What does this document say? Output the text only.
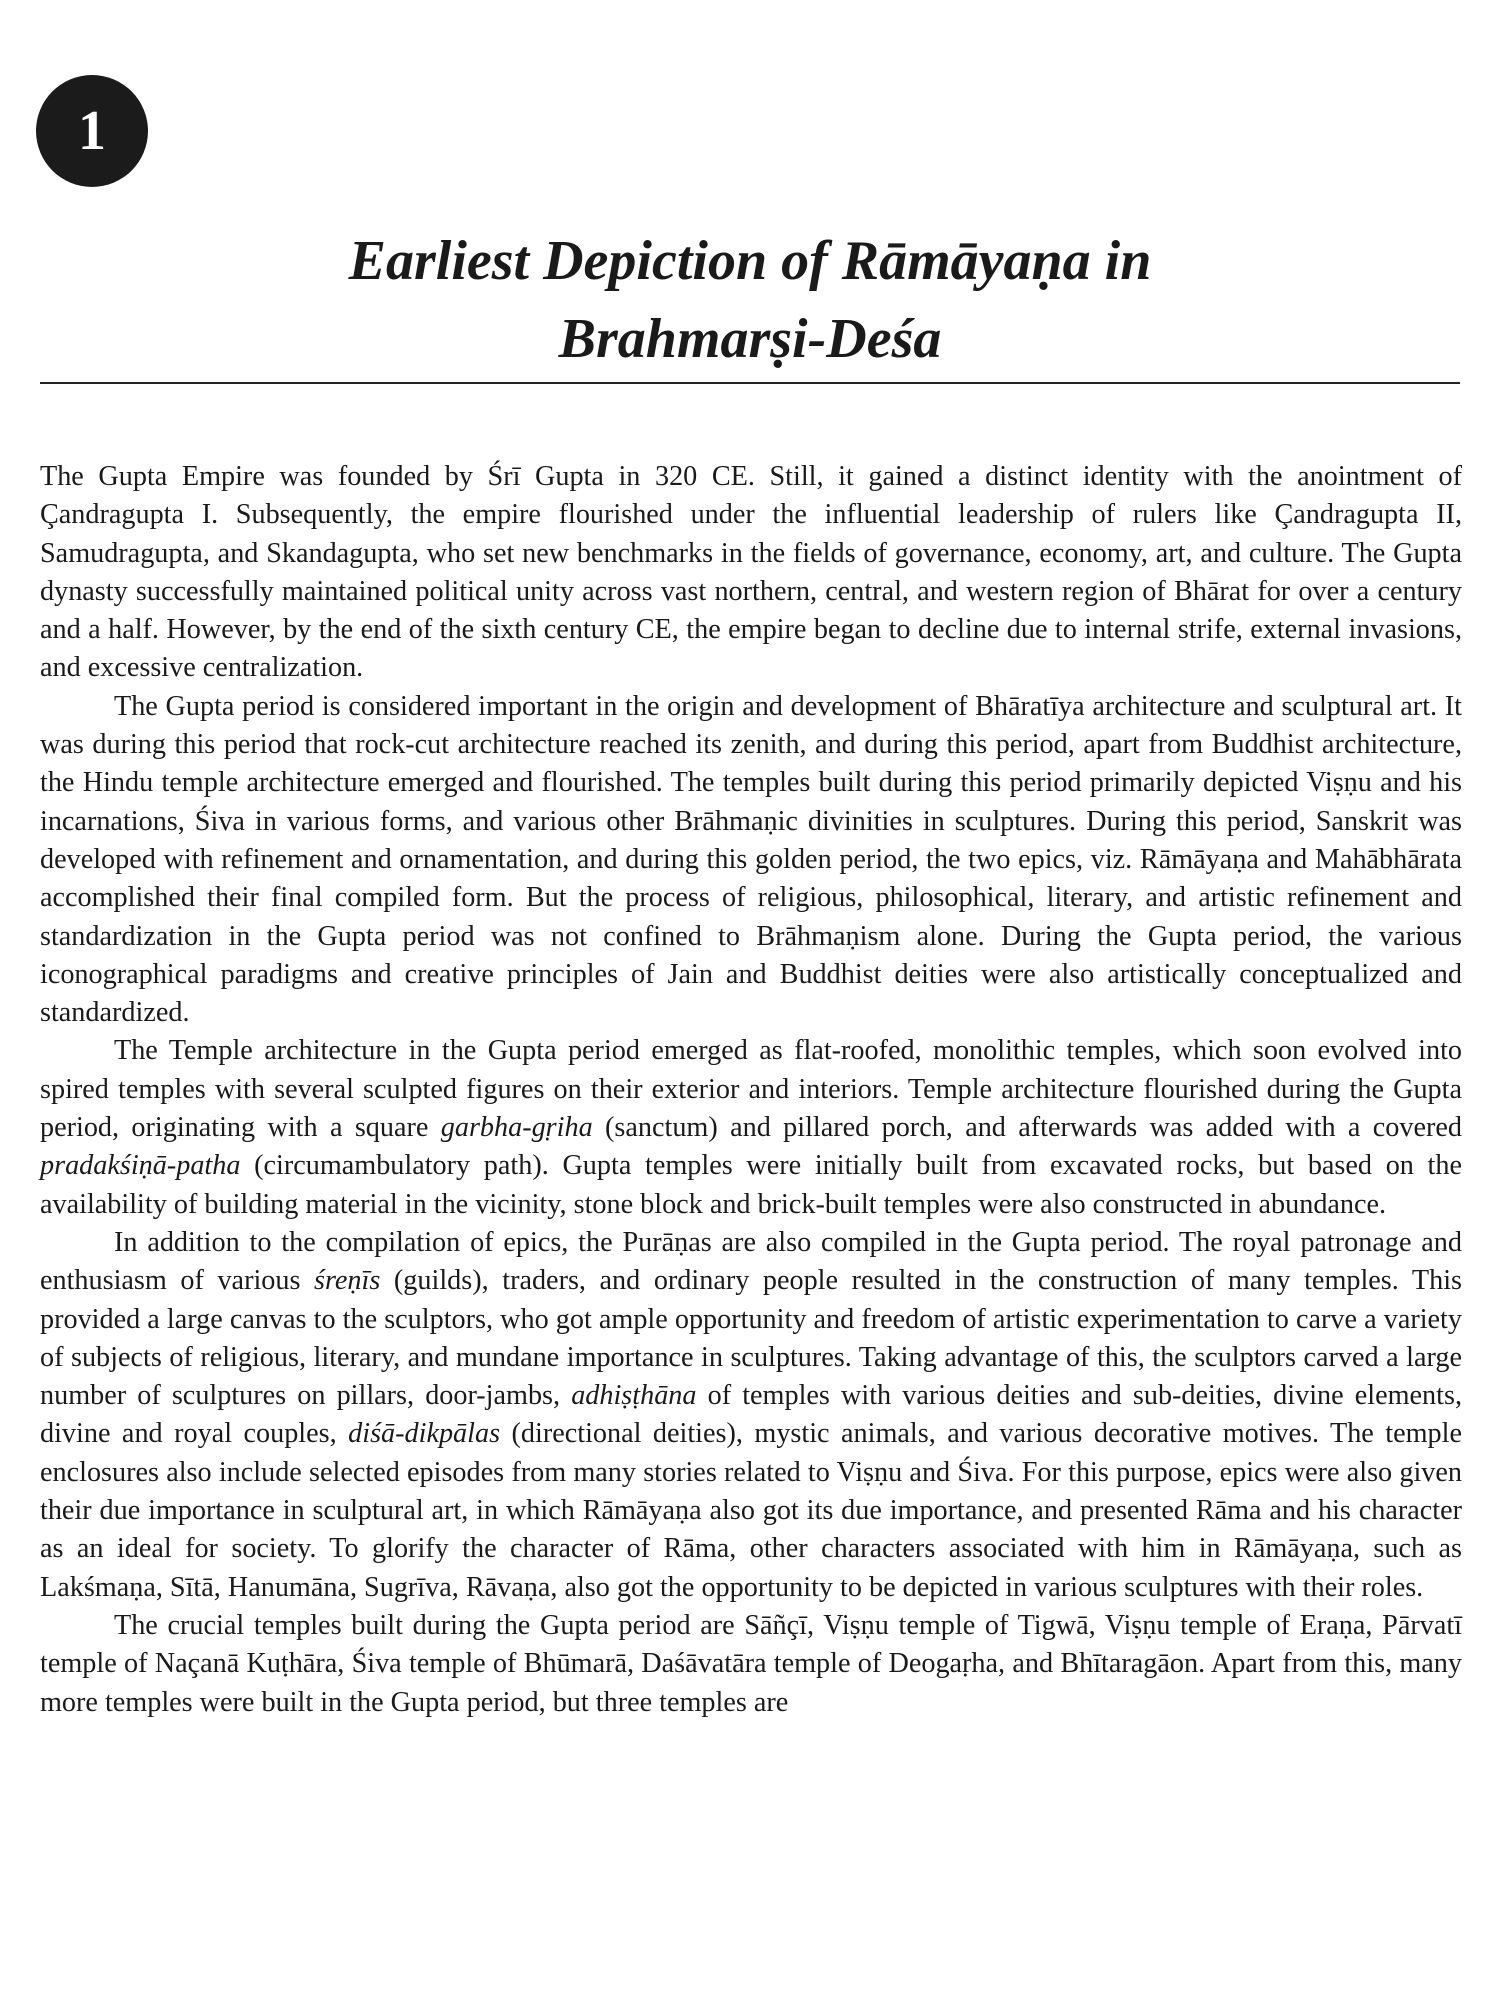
1
Earliest Depiction of Rāmāyaṇa in
Brahmarṣi-Deśa

The Gupta Empire was founded by Śrī Gupta in 320 CE. Still, it gained a distinct identity with the anointment of Çandragupta I. Subsequently, the empire flourished under the influential leadership of rulers like Çandragupta II, Samudragupta, and Skandagupta, who set new benchmarks in the fields of governance, economy, art, and culture. The Gupta dynasty successfully maintained political unity across vast northern, central, and western region of Bhārat for over a century and a half. However, by the end of the sixth century CE, the empire began to decline due to internal strife, external invasions, and excessive centralization.

The Gupta period is considered important in the origin and development of Bhāratīya architecture and sculptural art. It was during this period that rock-cut architecture reached its zenith, and during this period, apart from Buddhist architecture, the Hindu temple architecture emerged and flourished. The temples built during this period primarily depicted Viṣṇu and his incarnations, Śiva in various forms, and various other Brāhmaṇic divinities in sculptures. During this period, Sanskrit was developed with refinement and ornamentation, and during this golden period, the two epics, viz. Rāmāyaṇa and Mahābhārata accomplished their final compiled form. But the process of religious, philosophical, literary, and artistic refinement and standardization in the Gupta period was not confined to Brāhmaṇism alone. During the Gupta period, the various iconographical paradigms and creative principles of Jain and Buddhist deities were also artistically conceptualized and standardized.

The Temple architecture in the Gupta period emerged as flat-roofed, monolithic temples, which soon evolved into spired temples with several sculpted figures on their exterior and interiors. Temple architecture flourished during the Gupta period, originating with a square garbha-gṛiha (sanctum) and pillared porch, and afterwards was added with a covered pradakśiṇā-patha (circumambulatory path). Gupta temples were initially built from excavated rocks, but based on the availability of building material in the vicinity, stone block and brick-built temples were also constructed in abundance.

In addition to the compilation of epics, the Purāṇas are also compiled in the Gupta period. The royal patronage and enthusiasm of various śreṇīs (guilds), traders, and ordinary people resulted in the construction of many temples. This provided a large canvas to the sculptors, who got ample opportunity and freedom of artistic experimentation to carve a variety of subjects of religious, literary, and mundane importance in sculptures. Taking advantage of this, the sculptors carved a large number of sculptures on pillars, door-jambs, adhiṣṭhāna of temples with various deities and sub-deities, divine elements, divine and royal couples, diśā-dikpālas (directional deities), mystic animals, and various decorative motives. The temple enclosures also include selected episodes from many stories related to Viṣṇu and Śiva. For this purpose, epics were also given their due importance in sculptural art, in which Rāmāyaṇa also got its due importance, and presented Rāma and his character as an ideal for society. To glorify the character of Rāma, other characters associated with him in Rāmāyaṇa, such as Lakśmaṇa, Sītā, Hanumāna, Sugrīva, Rāvaṇa, also got the opportunity to be depicted in various sculptures with their roles.

The crucial temples built during the Gupta period are Sāñçī, Viṣṇu temple of Tigwā, Viṣṇu temple of Eraṇa, Pārvatī temple of Naçanā Kuṭhāra, Śiva temple of Bhūmarā, Daśāvatāra temple of Deogaṛha, and Bhītaragāon. Apart from this, many more temples were built in the Gupta period, but three temples are
